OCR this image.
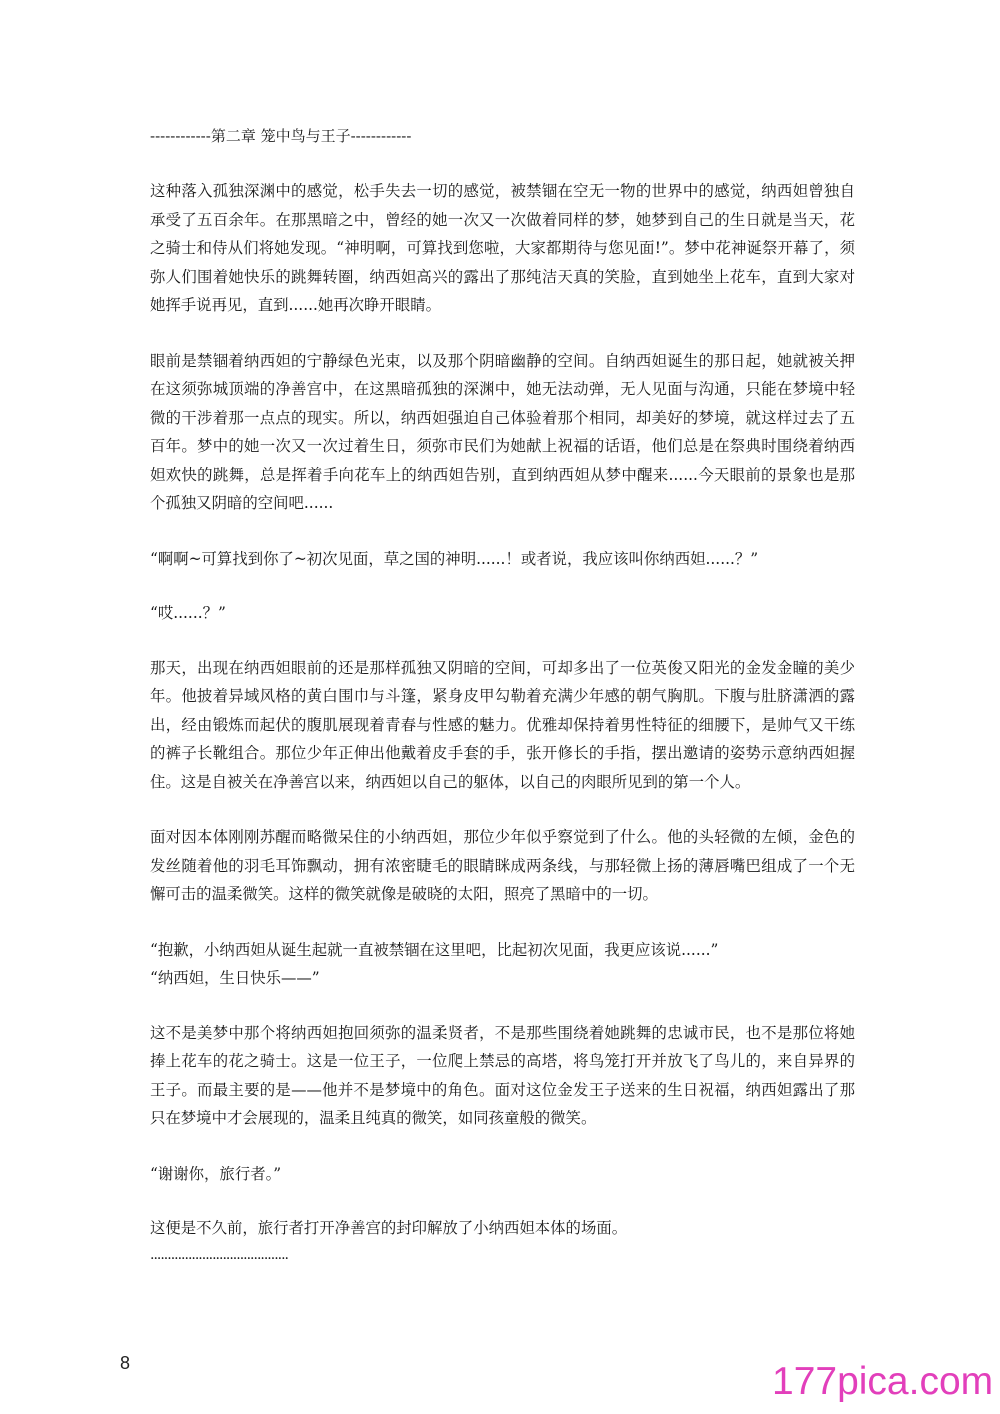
------------第二章 笼中鸟与王子------------

这种落入孤独深渊中的感觉，松手失去一切的感觉，被禁锢在空无一物的世界中的感觉，纳西妲曾独自承受了五百余年。在那黑暗之中，曾经的她一次又一次做着同样的梦，她梦到自己的生日就是当天，花之骑士和侍从们将她发现。“神明啊，可算找到您啦，大家都期待与您见面!”。梦中花神诞祭开幕了，须弥人们围着她快乐的跳舞转圈，纳西妲高兴的露出了那纯洁天真的笑脸，直到她坐上花车，直到大家对她挥手说再见，直到......她再次睁开眼睛。

眼前是禁锢着纳西妲的宁静绿色光束，以及那个阴暗幽静的空间。自纳西妲诞生的那日起，她就被关押在这须弥城顶端的净善宫中，在这黑暗孤独的深渊中，她无法动弹，无人见面与沟通，只能在梦境中轻微的干涉着那一点点的现实。所以，纳西妲强迫自己体验着那个相同，却美好的梦境，就这样过去了五百年。梦中的她一次又一次过着生日，须弥市民们为她献上祝福的话语，他们总是在祭典时围绕着纳西妲欢快的跳舞，总是挥着手向花车上的纳西妲告别，直到纳西妲从梦中醒来......今天眼前的景象也是那个孤独又阴暗的空间吧......

“啊啊~可算找到你了~初次见面，草之国的神明......！或者说，我应该叫你纳西妲......？”

“哎......？”

那天，出现在纳西妲眼前的还是那样孤独又阴暗的空间，可却多出了一位英俊又阳光的金发金瞳的美少年。他披着异域风格的黄白围巾与斗篷，紧身皮甲勾勒着充满少年感的朝气胸肌。下腹与肚脐潇洒的露出，经由锻炼而起伏的腹肌展现着青春与性感的魅力。优雅却保持着男性特征的细腰下，是帅气又干练的裤子长靴组合。那位少年正伸出他戴着皮手套的手，张开修长的手指，摆出邀请的姿势示意纳西妲握住。这是自被关在净善宫以来，纳西妲以自己的躯体，以自己的肉眼所见到的第一个人。

面对因本体刚刚苏醒而略微呆住的小纳西妲，那位少年似乎察觉到了什么。他的头轻微的左倾，金色的发丝随着他的羽毛耳饰飘动，拥有浓密睫毛的眼睛眯成两条线，与那轻微上扬的薄唇嘴巴组成了一个无懈可击的温柔微笑。这样的微笑就像是破晓的太阳，照亮了黑暗中的一切。

“抱歉，小纳西妲从诞生起就一直被禁锢在这里吧，比起初次见面，我更应该说......”
“纳西妲，生日快乐——”

这不是美梦中那个将纳西妲抱回须弥的温柔贤者，不是那些围绕着她跳舞的忠诚市民，也不是那位将她捧上花车的花之骑士。这是一位王子，一位爬上禁忌的高塔，将鸟笼打开并放飞了鸟儿的，来自异界的王子。而最主要的是——他并不是梦境中的角色。面对这位金发王子送来的生日祝福，纳西妲露出了那只在梦境中才会展现的，温柔且纯真的微笑，如同孩童般的微笑。

“谢谢你，旅行者。”

这便是不久前，旅行者打开净善宫的封印解放了小纳西妲本体的场面。

........................................
8	177pica.com
